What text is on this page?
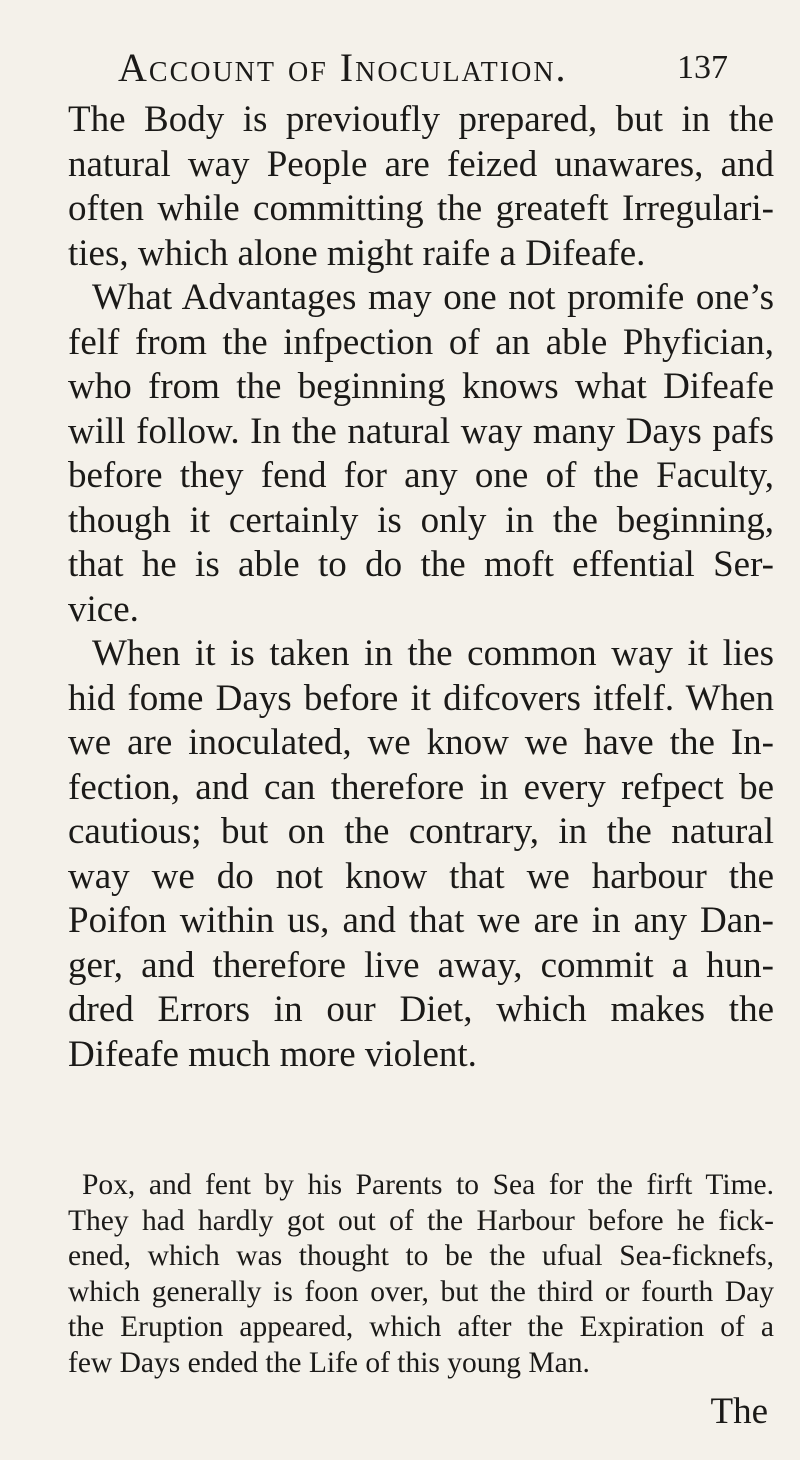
Account of Inoculation.	137
The Body is previoufly prepared, but in the
natural way People are feized unawares, and
often while committing the greateft Irregulari-
ties, which alone might raife a Difeafe.
What Advantages may one not promife one’s
felf from the infpection of an able Phyfician,
who from the beginning knows what Difeafe
will follow. In the natural way many Days pafs
before they fend for any one of the Faculty,
though it certainly is only in the beginning,
that he is able to do the moft effential Ser-
vice.
When it is taken in the common way it lies
hid fome Days before it difcovers itfelf. When
we are inoculated, we know we have the In-
fection, and can therefore in every refpect be
cautious; but on the contrary, in the natural
way we do not know that we harbour the
Poifon within us, and that we are in any Dan-
ger, and therefore live away, commit a hun-
dred Errors in our Diet, which makes the
Difeafe much more violent.
Pox, and fent by his Parents to Sea for the firft Time.
They had hardly got out of the Harbour before he fick-
ened, which was thought to be the ufual Sea-ficknefs,
which generally is foon over, but the third or fourth Day
the Eruption appeared, which after the Expiration of a
few Days ended the Life of this young Man.
The
